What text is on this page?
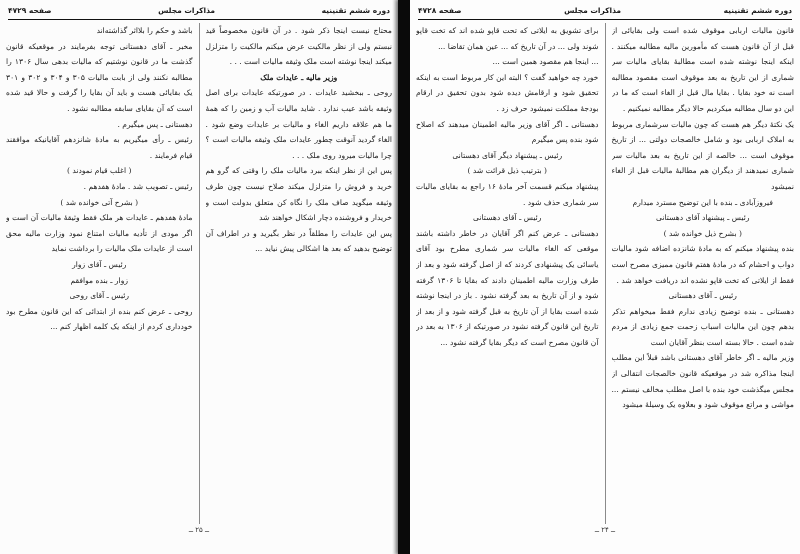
دوره ششم تقنینیه
مذاکرات مجلس
صفحه ۴۷۲۹

محتاج نیست اینجا ذکر شود . در آن قانون مخصوصاً قید نبستم ولی از نظر مالکیت عرض میکنم مالکیت را متزلزل میکند اینجا نوشته است ملک وثیقه مالیات است . . .

وزیر مالیه ـ عایدات ملک

روحی ـ ببخشید عایدات . در صورتیکه عایدات برای اصل وثیقه باشد عیب ندارد . شاید مالیات آب و زمین را که همهٔ ما هم علاقه داریم الغاء و مالیات بر عایدات وضع شود . الغاء گردید آنوقت چطور عایدات ملک وثیقه مالیات است ؟ چرا مالیات میرود روی ملک . . .

پس این از نظر اینکه ببرد مالیات ملک را وقتی که گرو هم خرید و فروش را متزلزل میکند صلاح نیست چون طرف وثیقه میگوید صاف ملک را نگاه کن متعلق بدولت است و خریدار و فروشنده دچار اشکال خواهند شد

پس این عایدات را مطلقاً در نظر بگیرید و در اطراف آن توضیح بدهید که بعد ها اشکالی پیش نیاید ...

باشد و حکم را بلااثر گذاشته‌اند

مخبر ـ آقای دهستانی توجه بفرمایند در موقعیکه قانون گذشت ما در قانون نوشتیم که مالیات بدهی سال ۱۳۰۶ را مطالبه نکنند ولی از بابت مالیات ۳۰۵ و ۳۰۴ و ۳۰۲ و ۳۰۱ یک بقایائی هست و باید آن بقایا را گرفت و حالا قید شده است که آن بقایای سابقه مطالبه نشود .

دهستانی ـ پس میگیرم .

رئیس ـ رأی میگیریم به مادهٔ شانزدهم آقایانیکه موافقند قیام فرمایند .

( اغلب قیام نمودند )

رئیس ـ تصویب شد . مادهٔ هفدهم .

( بشرح آتی خوانده شد )

مادهٔ هفدهم ـ عایدات هر ملک فقط وثیقهٔ مالیات آن است و اگر مودی از تأدیه مالیات امتناع نمود وزارت مالیه محق است از عایدات ملک مالیات را برداشت نماید

رئیس ـ آقای زوار

زوار ـ بنده موافقم

رئیس ـ آقای روحی

روحی ـ عرض کنم بنده از ابتدائی که این قانون مطرح بود خودداری کردم از اینکه یک کلمه اظهار کنم ...

ــ ۲۵ ــ
دوره ششم تقنینیه
مذاکرات مجلس
صفحه ۴۷۲۸

قانون مالیات اربابی موقوف شده است ولی بقایائی از قبل از آن قانون هست که مأمورین مالیه مطالبه میکنند . اینکه اینجا نوشته شده است مطالبهٔ بقایای مالیات سر شماری از این تاریخ به بعد موقوف است مقصود مطالبه است نه خود بقایا . بقایا مال قبل از الغاء است که ما در این دو سال مطالبه میکردیم حالا دیگر مطالبه نمیکنیم .

یک نکتهٔ دیگر هم هست که چون مالیات سرشماری مربوط به املاک اربابی بود و شامل خالصجات دولتی ... از تاریخ موقوف است ... خالصه از این تاریخ به بعد مالیات سر شماری نمیدهند از دیگران هم مطالبهٔ مالیات قبل از الغاء نمیشود

فیروزآبادی ـ بنده با این توضیح مسترد میدارم

رئیس ـ پیشنهاد آقای دهستانی

( بشرح ذیل خوانده شد )

بنده پیشنهاد میکنم که به مادهٔ شانزده اضافه شود مالیات دواب و احشام که در مادهٔ هفتم قانون ممیزی مصرح است فقط از ایلاتی که تخت قاپو نشده اند دریافت خواهد شد .

رئیس ـ آقای دهستانی

دهستانی ـ بنده توضیح زیادی ندارم فقط میخواهم تذکر بدهم چون این مالیات اسباب زحمت جمع زیادی از مردم شده است . حالا بسته است بنظر آقایان است

وزیر مالیه ـ اگر خاطر آقای دهستانی باشد قبلاً این مطلب اینجا مذاکره شد در موقعیکه قانون خالصجات انتقالی از مجلس میگذشت خود بنده با اصل مطلب مخالف نیستم ... مواشی و مراتع موقوف شود و بعلاوه یک وسیلهٔ میشود

برای تشویق به ایلاتی که تحت قاپو شده اند که تخت قاپو شوند ولی ... در آن تاریخ که ... عین همان تقاضا ...

... اینجا هم مقصود همین است ...

خورد چه خواهید گفت ؟ البته این کار مربوط است به اینکه تحقیق شود و ارقامش دیده شود بدون تحقیق در ارقام بودجهٔ مملکت نمیشود حرف زد .

دهستانی ـ اگر آقای وزیر مالیه اطمینان میدهند که اصلاح شود بنده پس میگیرم

رئیس ـ پیشنهاد دیگر آقای دهستانی

( بترتیب ذیل قرائت شد )

پیشنهاد میکنم قسمت آخر مادهٔ ۱۶ راجع به بقایای مالیات سر شماری حذف شود .

رئیس ـ آقای دهستانی

دهستانی ـ عرض کنم اگر آقایان در خاطر داشته باشند موقعی که الغاء مالیات سر شماری مطرح بود آقای یاسائی یک پیشنهادی کردند که از اصل گرفته شود و بعد از طرف وزارت مالیه اطمینان دادند که بقایا تا ۱۳۰۶ گرفته شود و از آن تاریخ به بعد گرفته نشود . باز در اینجا نوشته شده است بقایا از آن تاریخ به قبل گرفته شود و از بعد از تاریخ این قانون گرفته نشود در صورتیکه از ۱۳۰۶ به بعد در آن قانون مصرح است که دیگر بقایا گرفته نشود ...

ــ ۲۴ ــ
